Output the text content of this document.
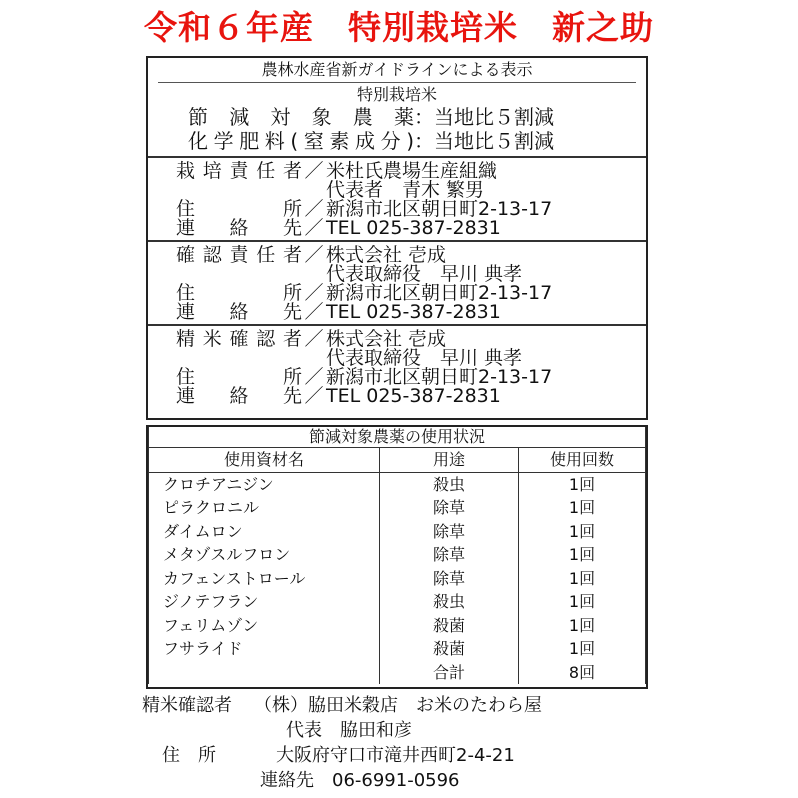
令和６年産　特別栽培米　新之助
農林水産省新ガイドラインによる表示
特別栽培米
節減対象農薬 ：当地比５割減
化学肥料(窒素成分) ：当地比５割減
栽培責任者 ／ 米杜氏農場生産組織
代表者　青木 繁男
住所 ／ 新潟市北区朝日町2-13-17
連絡先 ／ TEL 025-387-2831
確認責任者 ／ 株式会社 壱成
代表取締役　早川 典孝
住所 ／ 新潟市北区朝日町2-13-17
連絡先 ／ TEL 025-387-2831
精米確認者 ／ 株式会社 壱成
代表取締役　早川 典孝
住所 ／ 新潟市北区朝日町2-13-17
連絡先 ／ TEL 025-387-2831
節減対象農薬の使用状況		
使用資材名	用途	使用回数
クロチアニジン	殺虫	1回
ピラクロニル	除草	1回
ダイムロン	除草	1回
メタゾスルフロン	除草	1回
カフェンストロール	除草	1回
ジノテフラン	殺虫	1回
フェリムゾン	殺菌	1回
フサライド	殺菌	1回
	合計	8回
精米確認者 （株）脇田米穀店　お米のたわら屋
代表　脇田和彦
住　所	大阪府守口市滝井西町2-4-21
連絡先　06-6991-0596
